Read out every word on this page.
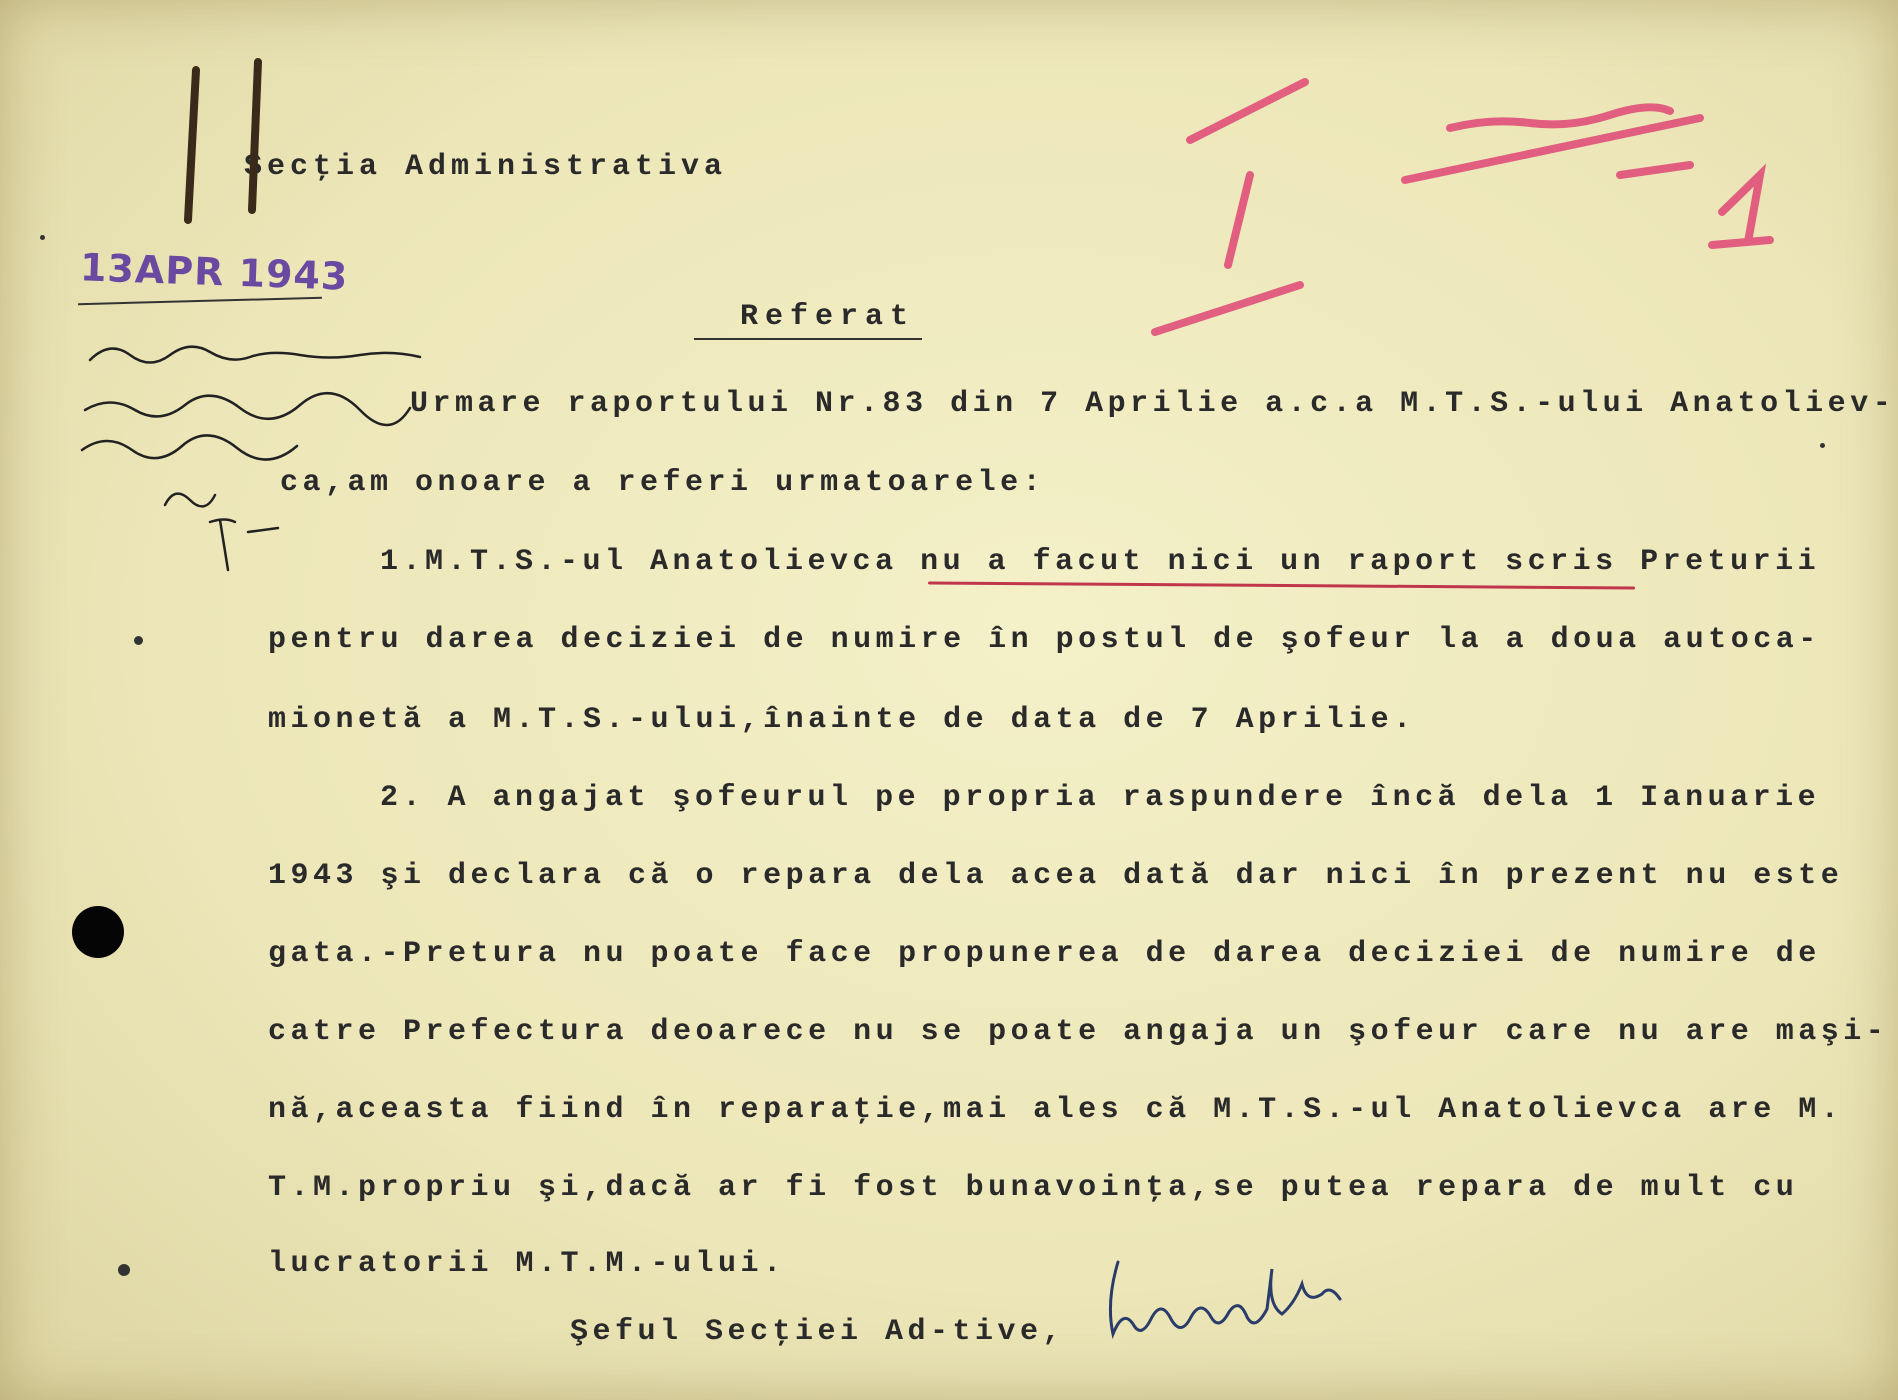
Secţia Administrativa
13APR 1943
Referat
Urmare raportului Nr.83 din 7 Aprilie a.c.a M.T.S.-ului Anatoliev-
ca,am onoare a referi urmatoarele:
1.M.T.S.-ul Anatolievca nu a facut nici un raport scris Preturii
pentru darea deciziei de numire în postul de şofeur la a doua autoca-
mionetă a M.T.S.-ului,înainte de data de 7 Aprilie.
2. A angajat şofeurul pe propria raspundere încă dela 1 Ianuarie
1943 şi declara că o repara dela acea dată dar nici în prezent nu este
gata.-Pretura nu poate face propunerea de darea deciziei de numire de
catre Prefectura deoarece nu se poate angaja un şofeur care nu are maşi-
nă,aceasta fiind în reparaţie,mai ales că M.T.S.-ul Anatolievca are M.
T.M.propriu şi,dacă ar fi fost bunavoinţa,se putea repara de mult cu
lucratorii M.T.M.-ului.
Şeful Secţiei Ad-tive,
